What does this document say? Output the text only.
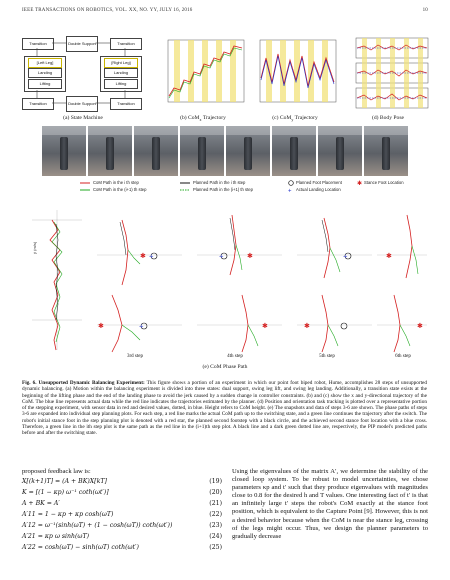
IEEE TRANSACTIONS ON ROBOTICS, VOL. XX, NO. YY, JULY 16, 2016	10
Transition	Double Support	Transition
[Left Leg]
Landing
Lifting
[Right Leg]
Landing
Lifting
Transition	Double Support	Transition
(a) State Machine	(b) CoM$_x$ Trajectory	(c) CoM$_y$ Trajectory	(d) Body Pose
+
✱
CoM Path in the i th step
CoM Path in the (i+1) th step
Planned Path in the i th step
Planned Path in the (i+1) th step
Planned Foot Placement
Actual Landing Location
Stance Foot Location
ẏ (m/s)
✱ +	✱
+	+	✱
✱	+	✱	✱	✱
3rd step	4th step	5th step	6th step
(e) CoM Phase Path
Fig. 6. Unsupported Dynamic Balancing Experiment: This figure shows a portion of an experiment in which our point foot biped robot, Hume, accomplishes 28 steps of unsupported dynamic balancing. (a) Motion within the balancing experiment is divided into three states: dual support, swing leg lift, and swing leg landing. Additionally, a transition state exists at the beginning of the lifting phase and the end of the landing phase to avoid the jerk caused by a sudden change in controller constraints. (b) and (c) show the x and y-directional trajectory of the CoM. The blue line represents actual data while the red line indicates the trajectories estimated by the planner. (d) Position and orientation task tracking is plotted over a representative portion of the stepping experiment, with sensor data in red and desired values, dotted, in blue. Height refers to CoM height. (e) The snapshots and data of steps 3-6 are shown. The phase paths of steps 3-6 are expanded into individual step planning plots. For each step, a red line marks the actual CoM path up to the switching state, and a green line continues the trajectory after the switch. The robot's initial stance foot in the step planning plot is denoted with a red star, the planned second footstep with a black circle, and the achieved second stance foot location with a blue cross. Therefore, a green line in the ith step plot is the same path as the red line in the (i+1)th step plot. A black line and a dark green dotted line are, respectively, the PIP model's predicted paths before and after the switching state.
proposed feedback law is:
X[(k+1)T] = (A + BK)X[kT]	(19)
K = [(1 − κp) ω⁻¹ coth(ωt′)]	(20)
A + BK = A′	(21)
A′11 = 1 − κp + κp cosh(ωT)	(22)
A′12 = ω⁻¹(sinh(ωT) + (1 − cosh(ωT)) coth(ωt′))	(23)
A′21 = κp ω sinh(ωT)	(24)
A′22 = cosh(ωT) − sinh(ωT) coth(ωt′)	(25)
Using the eigenvalues of the matrix A′, we determine the stability of the closed loop system. To be robust to model uncertainties, we chose parameters κp and t′ such that they produce eigenvalues with magnitudes close to 0.8 for the desired h and T values. One interesting fact of t′ is that an infinitely large t′ steps the robot's CoM exactly at the stance foot position, which is equivalent to the Capture Point [9]. However, this is not a desired behavior because when the CoM is near the stance leg, crossing of the legs might occur. Thus, we design the planner parameters to gradually decrease
